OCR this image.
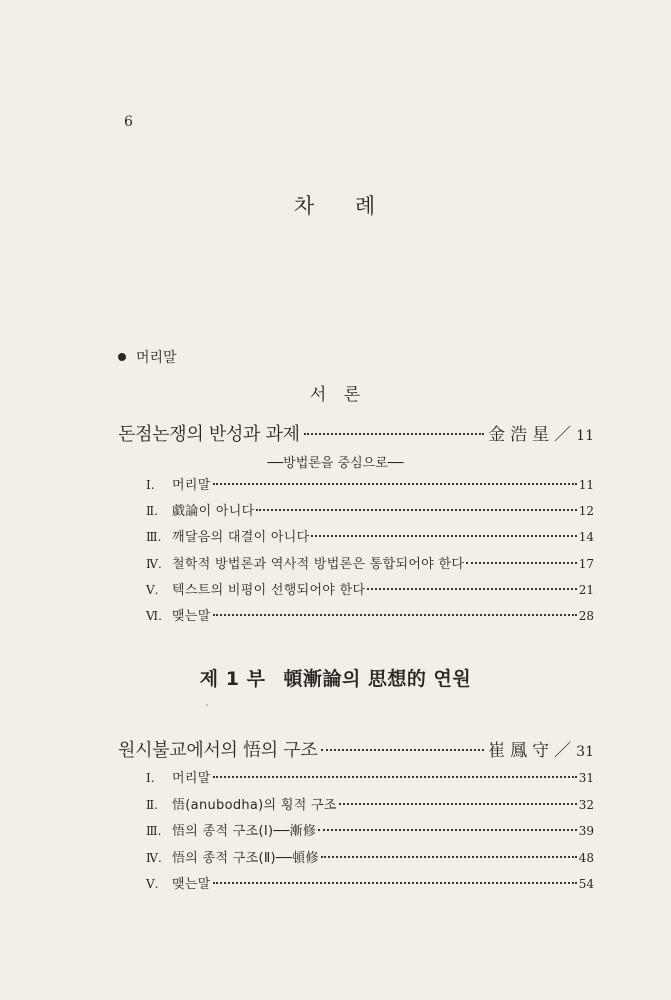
6
차 례
머리말
서 론
돈점논쟁의 반성과 과제	金浩星／ 11
──방법론을 중심으로──
Ⅰ.	머리말	11
Ⅱ.	戱論이 아니다	12
Ⅲ. 깨달음의 대결이 아니다	14
Ⅳ. 철학적 방법론과 역사적 방법론은 통합되어야 한다	17
Ⅴ.	텍스트의 비평이 선행되어야 한다	21
Ⅵ. 맺는말	28
제 1 부 頓漸論의 思想的 연원
원시불교에서의 悟의 구조	崔鳳守／ 31
Ⅰ.	머리말	31
Ⅱ.	悟(anubodha)의 횡적 구조	32
Ⅲ. 悟의 종적 구조(Ⅰ)──漸修	39
Ⅳ. 悟의 종적 구조(Ⅱ)──頓修	48
Ⅴ.	맺는말	54
